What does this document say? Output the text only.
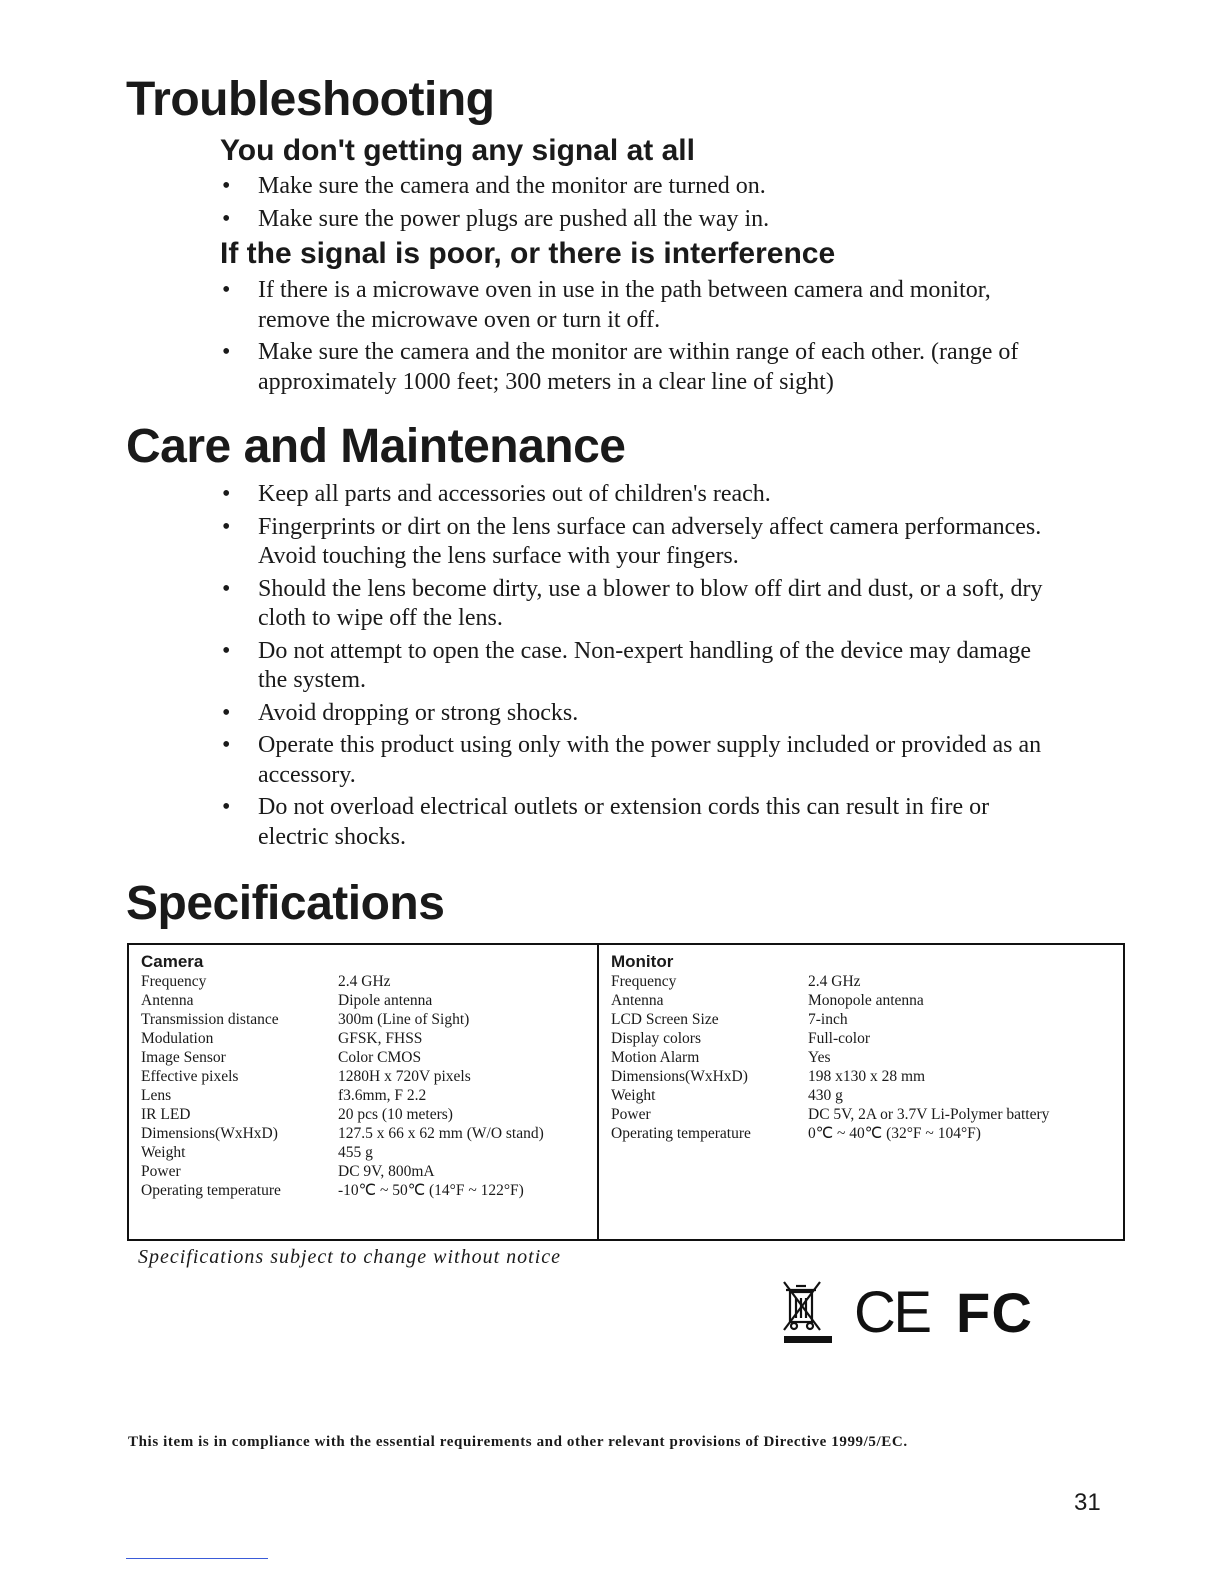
Troubleshooting
You don't getting any signal at all
• Make sure the camera and the monitor are turned on.
• Make sure the power plugs are pushed all the way in.
If the signal is poor, or there is interference
• If there is a microwave oven in use in the path between camera and monitor, remove the microwave oven or turn it off.
• Make sure the camera and the monitor are within range of each other. (range of approximately 1000 feet; 300 meters in a clear line of sight)
Care and Maintenance
• Keep all parts and accessories out of children's reach.
• Fingerprints or dirt on the lens surface can adversely affect camera performances. Avoid touching the lens surface with your fingers.
• Should the lens become dirty, use a blower to blow off dirt and dust, or a soft, dry cloth to wipe off the lens.
• Do not attempt to open the case. Non-expert handling of the device may damage the system.
• Avoid dropping or strong shocks.
• Operate this product using only with the power supply included or provided as an accessory.
• Do not overload electrical outlets or extension cords this can result in fire or electric shocks.
Specifications
Camera
Frequency	2.4 GHz
Antenna	Dipole antenna
Transmission distance	300m (Line of Sight)
Modulation	GFSK, FHSS
Image Sensor	Color CMOS
Effective pixels	1280H x 720V pixels
Lens	f3.6mm, F 2.2
IR LED	20 pcs (10 meters)
Dimensions(WxHxD)	127.5 x 66 x 62 mm (W/O stand)
Weight	455 g
Power	DC 9V, 800mA
Operating temperature	-10℃ ~ 50℃ (14°F ~ 122°F)
Monitor
Frequency	2.4 GHz
Antenna	Monopole antenna
LCD Screen Size	7-inch
Display colors	Full-color
Motion Alarm	Yes
Dimensions(WxHxD)	198 x130 x 28 mm
Weight	430 g
Power	DC 5V, 2A or 3.7V Li-Polymer battery
Operating temperature	0℃ ~ 40℃ (32°F ~ 104°F)
Specifications subject to change without notice
CE FC
This item is in compliance with the essential requirements and other relevant provisions of Directive 1999/5/EC.
31
